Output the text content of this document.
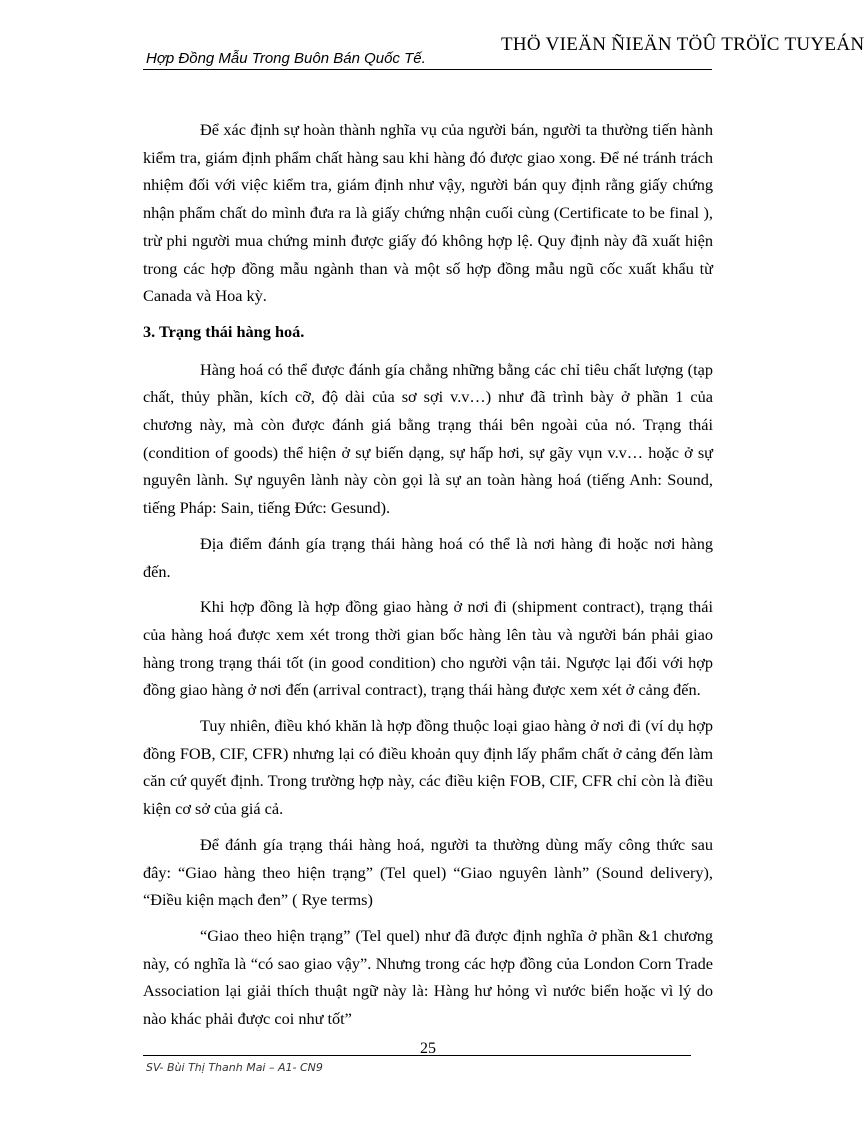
Hợp Đồng Mẫu Trong Buôn Bán Quốc Tế.
THÖ VIEÄN ÑIEÄN TÖÛ TRÖÏC TUYEÁN

Để xác định sự hoàn thành nghĩa vụ của người bán, người ta thường tiến hành kiểm tra, giám định phẩm chất hàng sau khi hàng đó được giao xong. Để né tránh trách nhiệm đối với việc kiểm tra, giám định như vậy, người bán quy định rằng giấy chứng nhận phẩm chất do mình đưa ra là giấy chứng nhận cuối cùng (Certificate to be final ), trừ phi người mua chứng minh được giấy đó không hợp lệ. Quy định này đã xuất hiện trong các hợp đồng mẫu ngành than và một số hợp đồng mẫu ngũ cốc xuất khẩu từ Canada và Hoa kỳ.

3. Trạng thái hàng hoá.

Hàng hoá có thể được đánh gía chẳng những bằng các chỉ tiêu chất lượng (tạp chất, thủy phần, kích cỡ, độ dài của sơ sợi v.v…) như đã trình bày ở phần 1 của chương này, mà còn được đánh giá bằng trạng thái bên ngoài của nó. Trạng thái (condition of goods) thể hiện ở sự biến dạng, sự hấp hơi, sự gãy vụn v.v… hoặc ở sự nguyên lành. Sự nguyên lành này còn gọi là sự an toàn hàng hoá (tiếng Anh: Sound, tiếng Pháp: Sain, tiếng Đức: Gesund).

Địa điểm đánh gía trạng thái hàng hoá có thể là nơi hàng đi hoặc nơi hàng đến.

Khi hợp đồng là hợp đồng giao hàng ở nơi đi (shipment contract), trạng thái của hàng hoá được xem xét trong thời gian bốc hàng lên tàu và người bán phải giao hàng trong trạng thái tốt (in good condition) cho người vận tải. Ngược lại đối với hợp đồng giao hàng ở nơi đến (arrival contract), trạng thái hàng được xem xét ở cảng đến.

Tuy nhiên, điều khó khăn là hợp đồng thuộc loại giao hàng ở nơi đi (ví dụ hợp đồng FOB, CIF, CFR) nhưng lại có điều khoản quy định lấy phẩm chất ở cảng đến làm căn cứ quyết định. Trong trường hợp này, các điều kiện FOB, CIF, CFR chỉ còn là điều kiện cơ sở của giá cả.

Để đánh gía trạng thái hàng hoá, người ta thường dùng mấy công thức sau đây: “Giao hàng theo hiện trạng” (Tel quel) “Giao nguyên lành” (Sound delivery), “Điều kiện mạch đen” ( Rye terms)

“Giao theo hiện trạng” (Tel quel) như đã được định nghĩa ở phần &1 chương này, có nghĩa là “có sao giao vậy”. Nhưng trong các hợp đồng của London Corn Trade Association lại giải thích thuật ngữ này là: Hàng hư hỏng vì nước biển hoặc vì lý do nào khác phải được coi như tốt”

25
SV- Bùi Thị Thanh Mai – A1- CN9
